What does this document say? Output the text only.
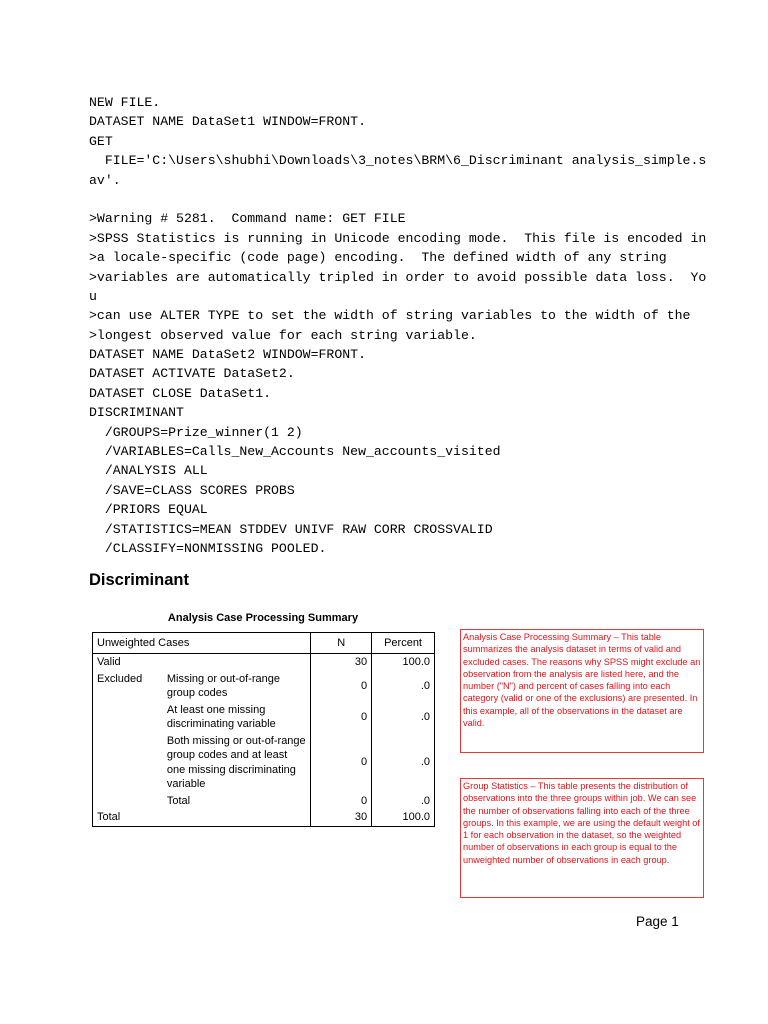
NEW FILE.
DATASET NAME DataSet1 WINDOW=FRONT.
GET
FILE='C:\Users\shubhi\Downloads\3_notes\BRM\6_Discriminant analysis_simple.s
av'.
>Warning # 5281.  Command name: GET FILE
>SPSS Statistics is running in Unicode encoding mode.  This file is encoded in
>a locale-specific (code page) encoding.  The defined width of any string
>variables are automatically tripled in order to avoid possible data loss.  Yo
u
>can use ALTER TYPE to set the width of string variables to the width of the
>longest observed value for each string variable.
DATASET NAME DataSet2 WINDOW=FRONT.
DATASET ACTIVATE DataSet2.
DATASET CLOSE DataSet1.
DISCRIMINANT
/GROUPS=Prize_winner(1 2)
/VARIABLES=Calls_New_Accounts New_accounts_visited
/ANALYSIS ALL
/SAVE=CLASS SCORES PROBS
/PRIORS EQUAL
/STATISTICS=MEAN STDDEV UNIVF RAW CORR CROSSVALID
/CLASSIFY=NONMISSING POOLED.
Discriminant
Analysis Case Processing Summary
Unweighted Cases		N	Percent
Valid		30	100.0
Excluded	Missing or out-of-range group codes	0	.0
	At least one missing discriminating variable	0	.0
	Both missing or out-of-range group codes and at least one missing discriminating variable	0	.0
	Total	0	.0
Total		30	100.0
Analysis Case Processing Summary – This table summarizes the analysis dataset in terms of valid and excluded cases. The reasons why SPSS might exclude an observation from the analysis are listed here, and the number ("N") and percent of cases falling into each category (valid or one of the exclusions) are presented. In this example, all of the observations in the dataset are valid.
Group Statistics – This table presents the distribution of observations into the three groups within job. We can see the number of observations falling into each of the three groups. In this example, we are using the default weight of 1 for each observation in the dataset, so the weighted number of observations in each group is equal to the unweighted number of observations in each group.
Page 1
